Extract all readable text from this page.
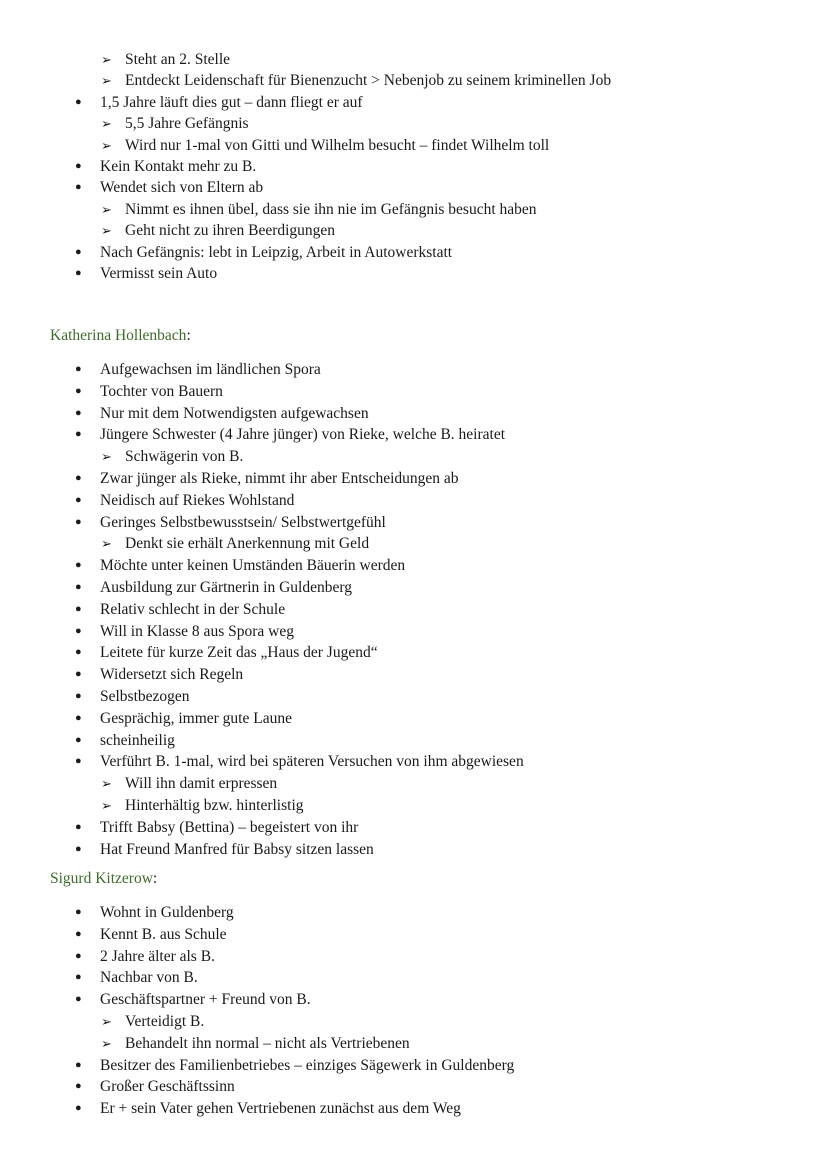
➢ Steht an 2. Stelle
➢ Entdeckt Leidenschaft für Bienenzucht > Nebenjob zu seinem kriminellen Job
● 1,5 Jahre läuft dies gut – dann fliegt er auf
➢ 5,5 Jahre Gefängnis
➢ Wird nur 1-mal von Gitti und Wilhelm besucht – findet Wilhelm toll
● Kein Kontakt mehr zu B.
● Wendet sich von Eltern ab
➢ Nimmt es ihnen übel, dass sie ihn nie im Gefängnis besucht haben
➢ Geht nicht zu ihren Beerdigungen
● Nach Gefängnis: lebt in Leipzig, Arbeit in Autowerkstatt
● Vermisst sein Auto
Katherina Hollenbach:
● Aufgewachsen im ländlichen Spora
● Tochter von Bauern
● Nur mit dem Notwendigsten aufgewachsen
● Jüngere Schwester (4 Jahre jünger) von Rieke, welche B. heiratet
➢ Schwägerin von B.
● Zwar jünger als Rieke, nimmt ihr aber Entscheidungen ab
● Neidisch auf Riekes Wohlstand
● Geringes Selbstbewusstsein/ Selbstwertgefühl
➢ Denkt sie erhält Anerkennung mit Geld
● Möchte unter keinen Umständen Bäuerin werden
● Ausbildung zur Gärtnerin in Guldenberg
● Relativ schlecht in der Schule
● Will in Klasse 8 aus Spora weg
● Leitete für kurze Zeit das „Haus der Jugend“
● Widersetzt sich Regeln
● Selbstbezogen
● Gesprächig, immer gute Laune
● scheinheilig
● Verführt B. 1-mal, wird bei späteren Versuchen von ihm abgewiesen
➢ Will ihn damit erpressen
➢ Hinterhältig bzw. hinterlistig
● Trifft Babsy (Bettina) – begeistert von ihr
● Hat Freund Manfred für Babsy sitzen lassen
Sigurd Kitzerow:
● Wohnt in Guldenberg
● Kennt B. aus Schule
● 2 Jahre älter als B.
● Nachbar von B.
● Geschäftspartner + Freund von B.
➢ Verteidigt B.
➢ Behandelt ihn normal – nicht als Vertriebenen
● Besitzer des Familienbetriebes – einziges Sägewerk in Guldenberg
● Großer Geschäftssinn
● Er + sein Vater gehen Vertriebenen zunächst aus dem Weg
